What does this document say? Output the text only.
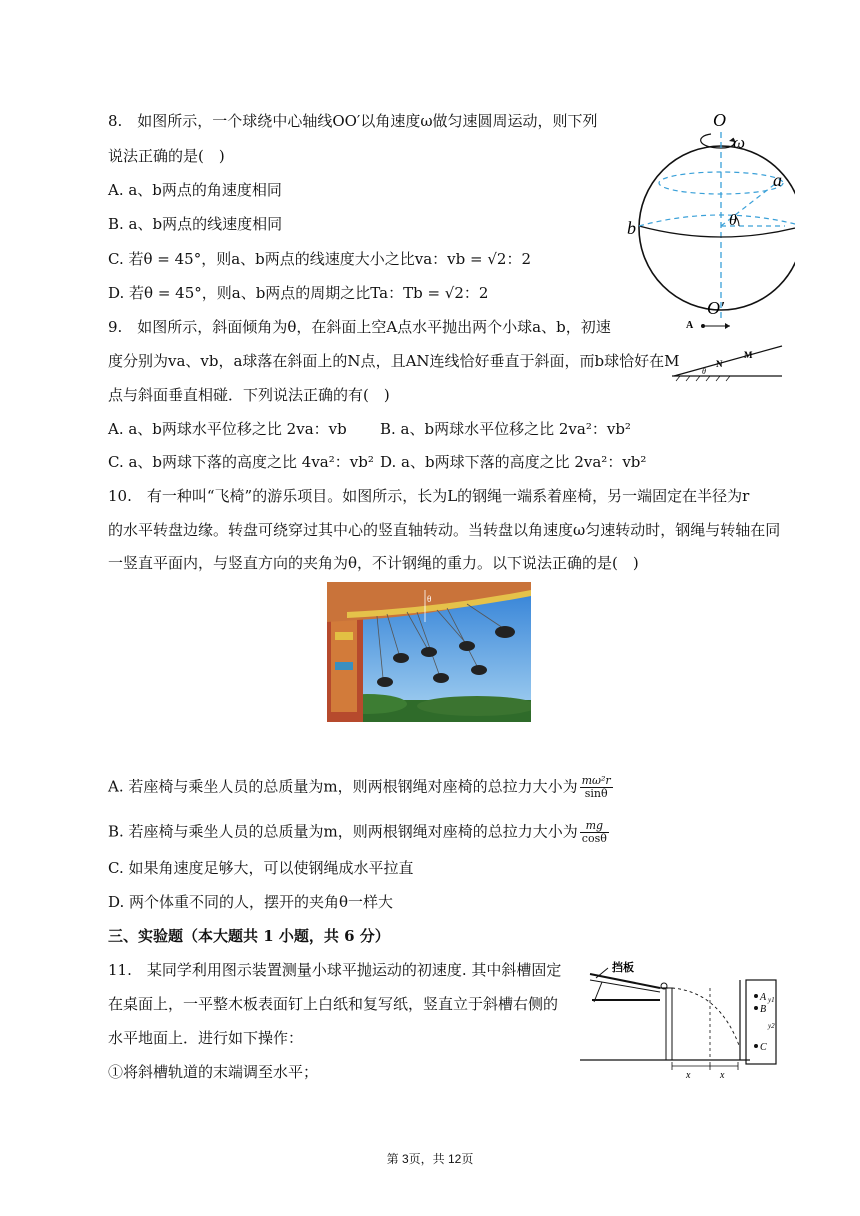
8.　如图所示，一个球绕中心轴线OO′以角速度ω做匀速圆周运动，则下列
说法正确的是(　)
A. a、b两点的角速度相同
B. a、b两点的线速度相同
C. 若θ = 45°，则a、b两点的线速度大小之比va：vb = √2：2
D. 若θ = 45°，则a、b两点的周期之比Ta：Tb = √2：2
O
ω
θ
a
b
O′
9.　如图所示，斜面倾角为θ，在斜面上空A点水平抛出两个小球a、b，初速
度分别为va、vb，a球落在斜面上的N点，且AN连线恰好垂直于斜面，而b球恰好在M
点与斜面垂直相碰．下列说法正确的有(　)
A. a、b两球水平位移之比 2va：vb B. a、b两球水平位移之比 2va²：vb²
C. a、b两球下落的高度之比 4va²：vb² D. a、b两球下落的高度之比 2va²：vb²
A
θ
N
M
10.　有一种叫“飞椅”的游乐项目。如图所示，长为L的钢绳一端系着座椅，另一端固定在半径为r
的水平转盘边缘。转盘可绕穿过其中心的竖直轴转动。当转盘以角速度ω匀速转动时，钢绳与转轴在同
一竖直平面内，与竖直方向的夹角为θ，不计钢绳的重力。以下说法正确的是(　)
θ
A. 若座椅与乘坐人员的总质量为m，则两根钢绳对座椅的总拉力大小为 $\frac{\text{mω²r}}{\sin\theta}$
B. 若座椅与乘坐人员的总质量为m，则两根钢绳对座椅的总拉力大小为 $\frac{mg}{\cos\theta}$
C. 如果角速度足够大，可以使钢绳成水平拉直
D. 两个体重不同的人，摆开的夹角θ一样大
三、实验题（本大题共 1 小题，共 6 分）
11.　某同学利用图示装置测量小球平抛运动的初速度. 其中斜槽固定
在桌面上，一平整木板表面钉上白纸和复写纸，竖直立于斜槽右侧的
水平地面上．进行如下操作：
①将斜槽轨道的末端调至水平；
挡板
A
B
C
y1
y2
x	x
第 3页，共 12页
